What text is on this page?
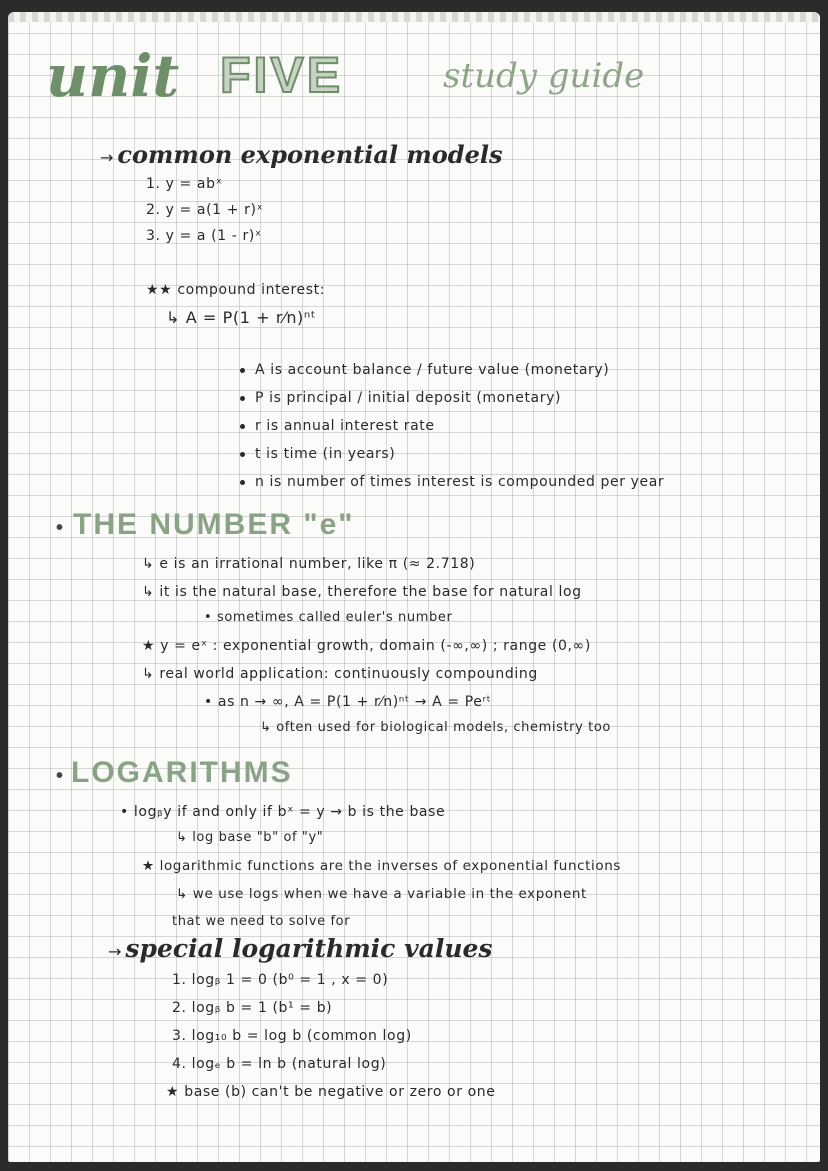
unit FIVE	study guide
→ common exponential models
1. y = abˣ
2. y = a(1 + r)ˣ
3. y = a (1 - r)ˣ
★★ compound interest:
↳ A = P(1 + r⁄n)ⁿᵗ
A is account balance / future value (monetary)
P is principal / initial deposit (monetary)
r is annual interest rate
t is time (in years)
n is number of times interest is compounded per year
• THE NUMBER "e"
↳ e is an irrational number, like π (≈ 2.718)
↳ it is the natural base, therefore the base for natural log
• sometimes called euler's number
★ y = eˣ : exponential growth, domain (-∞,∞) ; range (0,∞)
↳ real world application: continuously compounding
• as n → ∞, A = P(1 + r⁄n)ⁿᵗ → A = Peʳᵗ
↳ often used for biological models, chemistry too
• LOGARITHMS
• logᵦy if and only if bˣ = y → b is the base
↳ log base "b" of "y"
★ logarithmic functions are the inverses of exponential functions
↳ we use logs when we have a variable in the exponent
that we need to solve for
→ special logarithmic values
1. logᵦ 1 = 0 (b⁰ = 1 , x = 0)
2. logᵦ b = 1 (b¹ = b)
3. log₁₀ b = log b (common log)
4. logₑ b = ln b (natural log)
★ base (b) can't be negative or zero or one
